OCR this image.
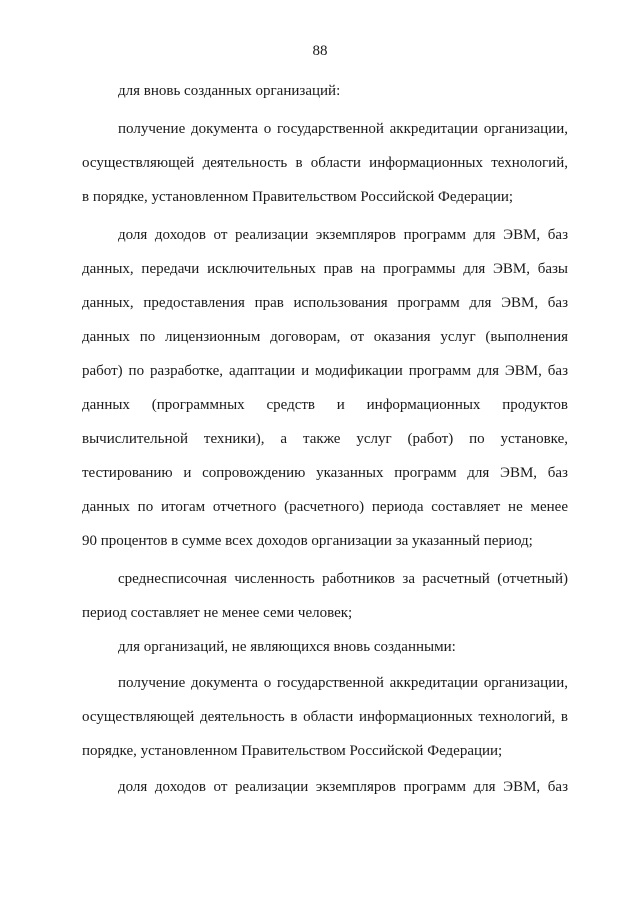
88
для вновь созданных организаций:
получение документа о государственной аккредитации организации,
осуществляющей деятельность в области информационных технологий,
в порядке, установленном Правительством Российской Федерации;
доля доходов от реализации экземпляров программ для ЭВМ, баз
данных, передачи исключительных прав на программы для ЭВМ, базы
данных, предоставления прав использования программ для ЭВМ, баз
данных по лицензионным договорам, от оказания услуг (выполнения
работ) по разработке, адаптации и модификации программ для ЭВМ, баз
данных (программных средств и информационных продуктов
вычислительной техники), а также услуг (работ) по установке,
тестированию и сопровождению указанных программ для ЭВМ, баз
данных по итогам отчетного (расчетного) периода составляет не менее
90 процентов в сумме всех доходов организации за указанный период;
среднесписочная численность работников за расчетный (отчетный)
период составляет не менее семи человек;
для организаций, не являющихся вновь созданными:
получение документа о государственной аккредитации организации,
осуществляющей деятельность в области информационных технологий, в
порядке, установленном Правительством Российской Федерации;
доля доходов от реализации экземпляров программ для ЭВМ, баз
